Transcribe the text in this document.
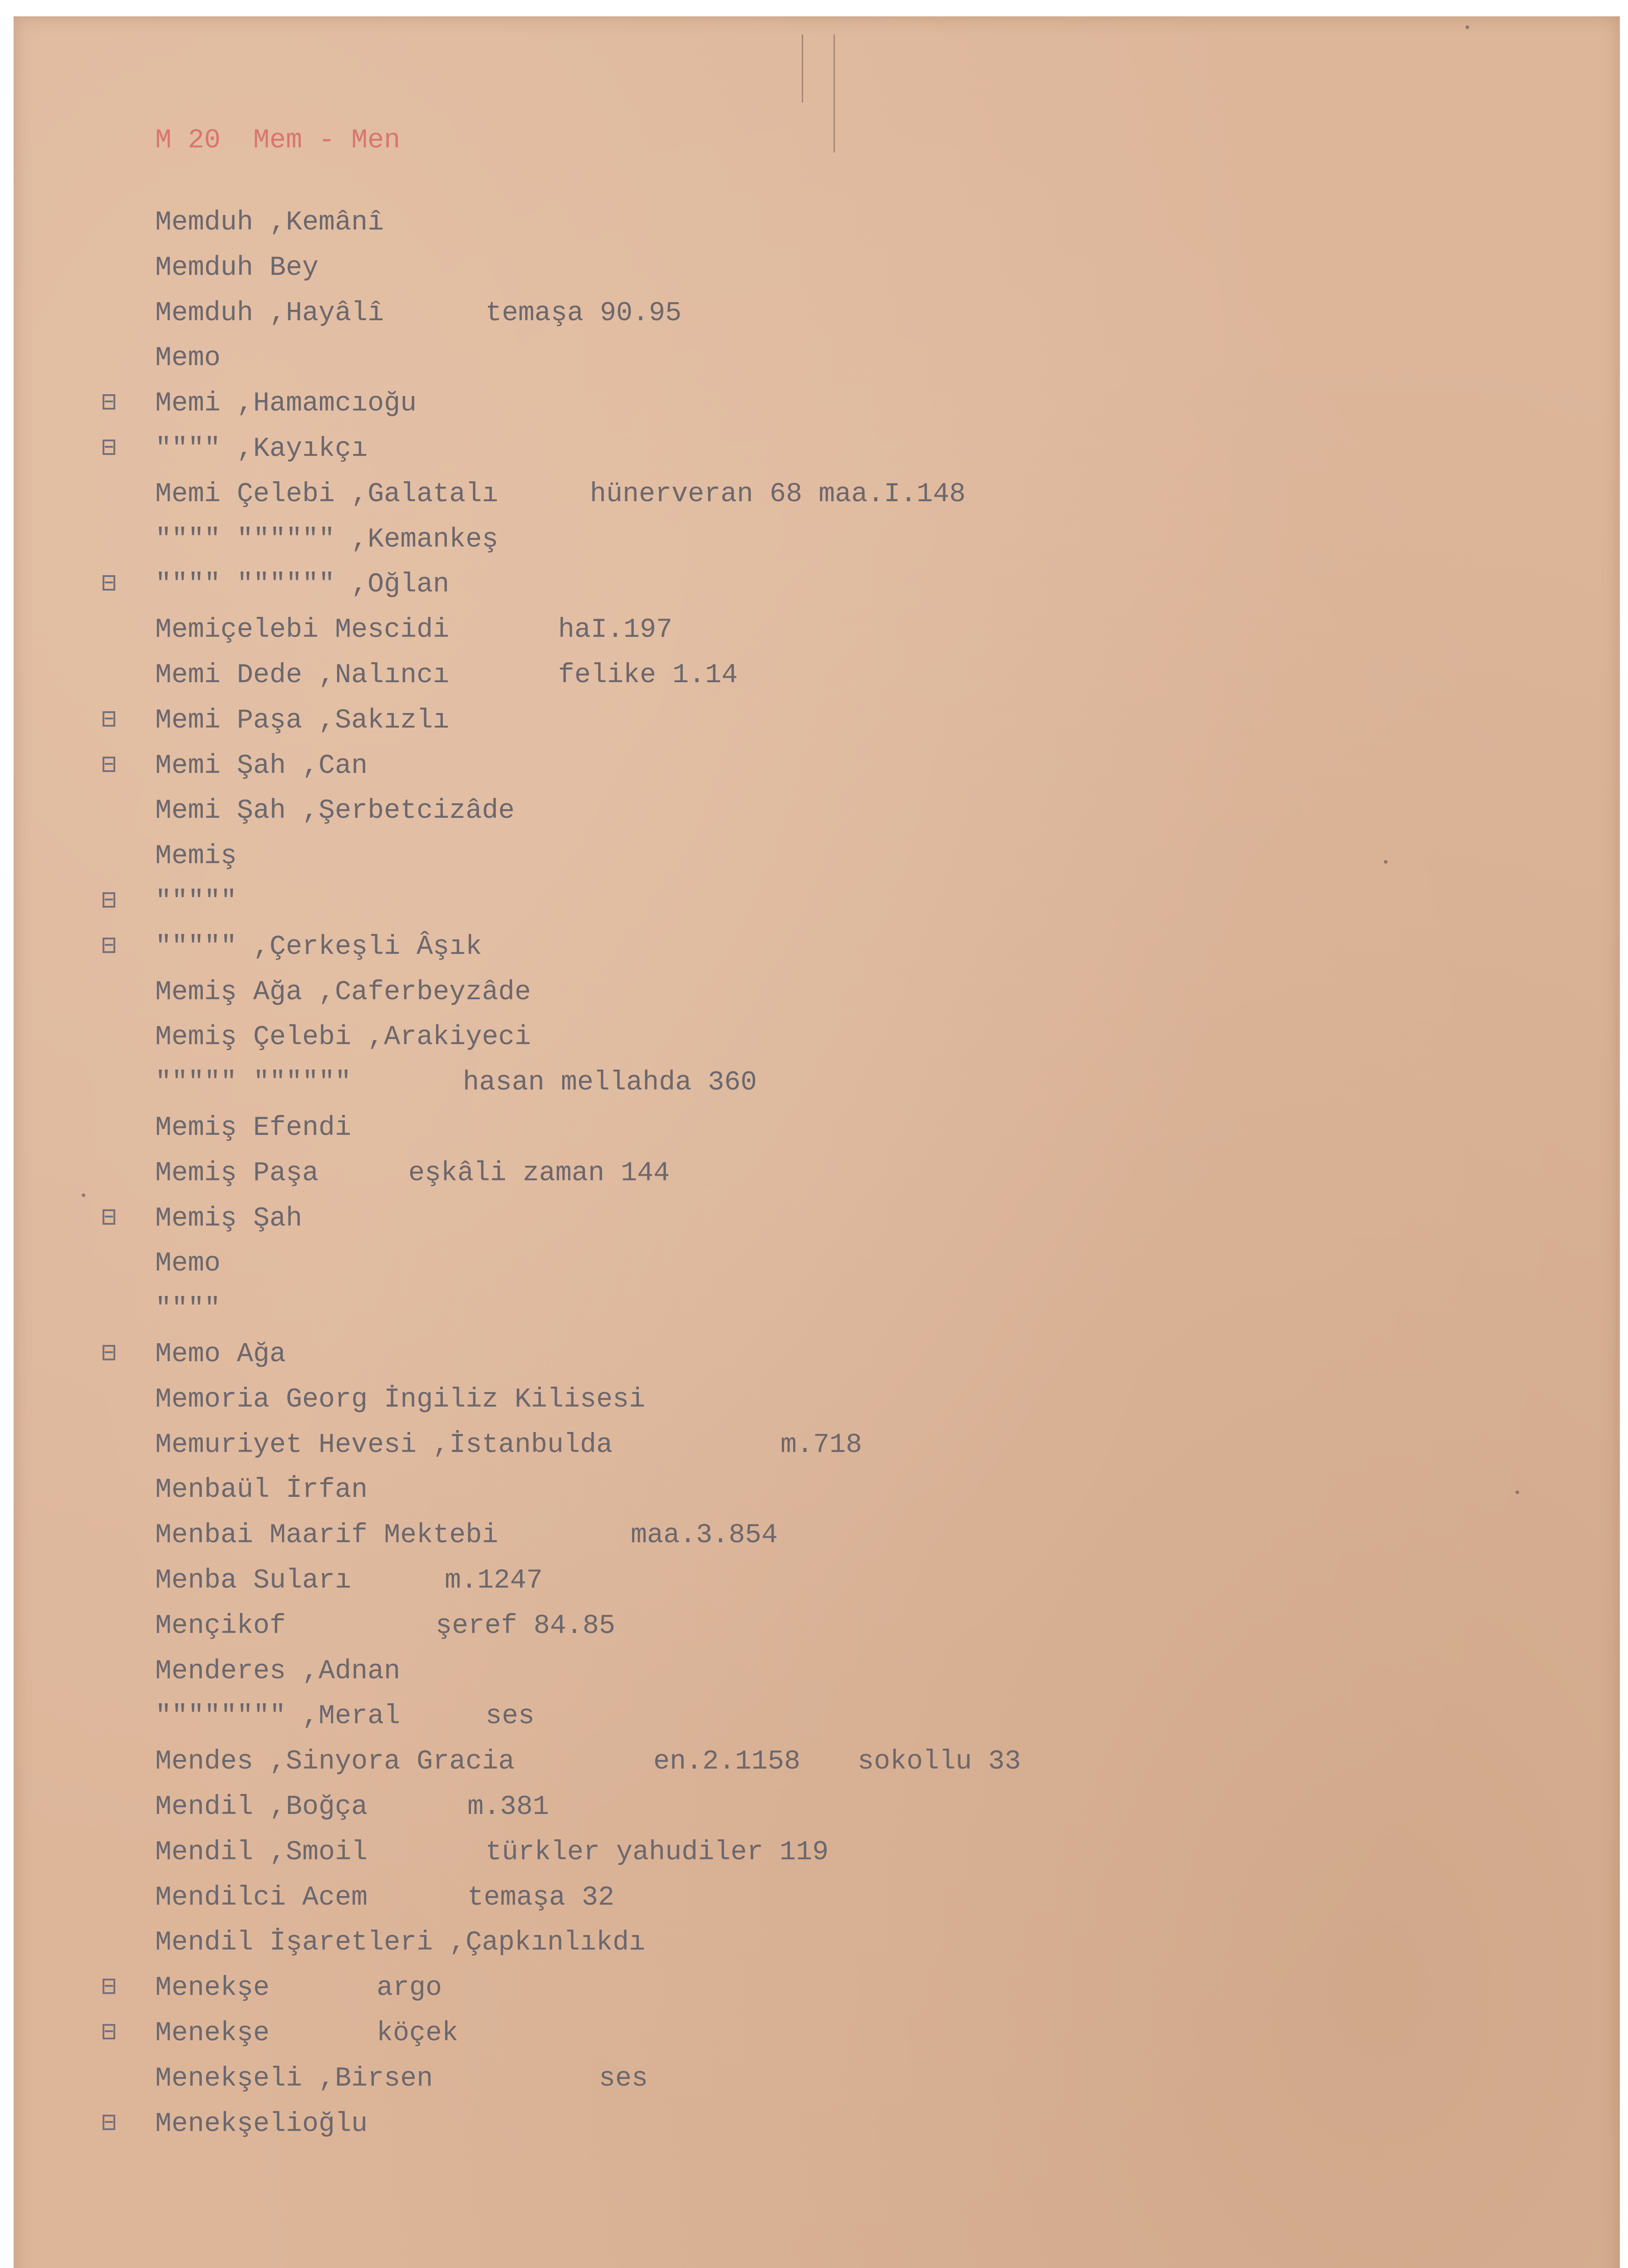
M 20  Mem - Men
Memduh ,Kemânî
Memduh Bey
Memduh ,Hayâlî	temaşa 90.95
Memo
Memi ,Hamamcıoğu
"""" ,Kayıkçı
Memi Çelebi ,Galatalı	hünerveran 68 maa.I.148
"""" """""" ,Kemankeş
"""" """""" ,Oğlan
Memiçelebi Mescidi	haI.197
Memi Dede ,Nalıncı	felike 1.14
Memi Paşa ,Sakızlı
Memi Şah ,Can
Memi Şah ,Şerbetcizâde
Memiş
"""""
""""" ,Çerkeşli Âşık
Memiş Ağa ,Caferbeyzâde
Memiş Çelebi ,Arakiyeci
""""" """"""	hasan mellahda 360
Memiş Efendi
Memiş Paşa	eşkâli zaman 144
Memiş Şah
Memo
""""
Memo Ağa
Memoria Georg İngiliz Kilisesi
Memuriyet Hevesi ,İstanbulda	m.718
Menbaül İrfan
Menbai Maarif Mektebi	maa.3.854
Menba Suları	m.1247
Mençikof	şeref 84.85
Menderes ,Adnan
"""""""" ,Meral	ses
Mendes ,Sinyora Gracia	en.2.1158 sokollu 33
Mendil ,Boğça	m.381
Mendil ,Smoil	türkler yahudiler 119
Mendilci Acem	temaşa 32
Mendil İşaretleri ,Çapkınlıkdı
Menekşe	argo
Menekşe	köçek
Menekşeli ,Birsen	ses
Menekşelioğlu
